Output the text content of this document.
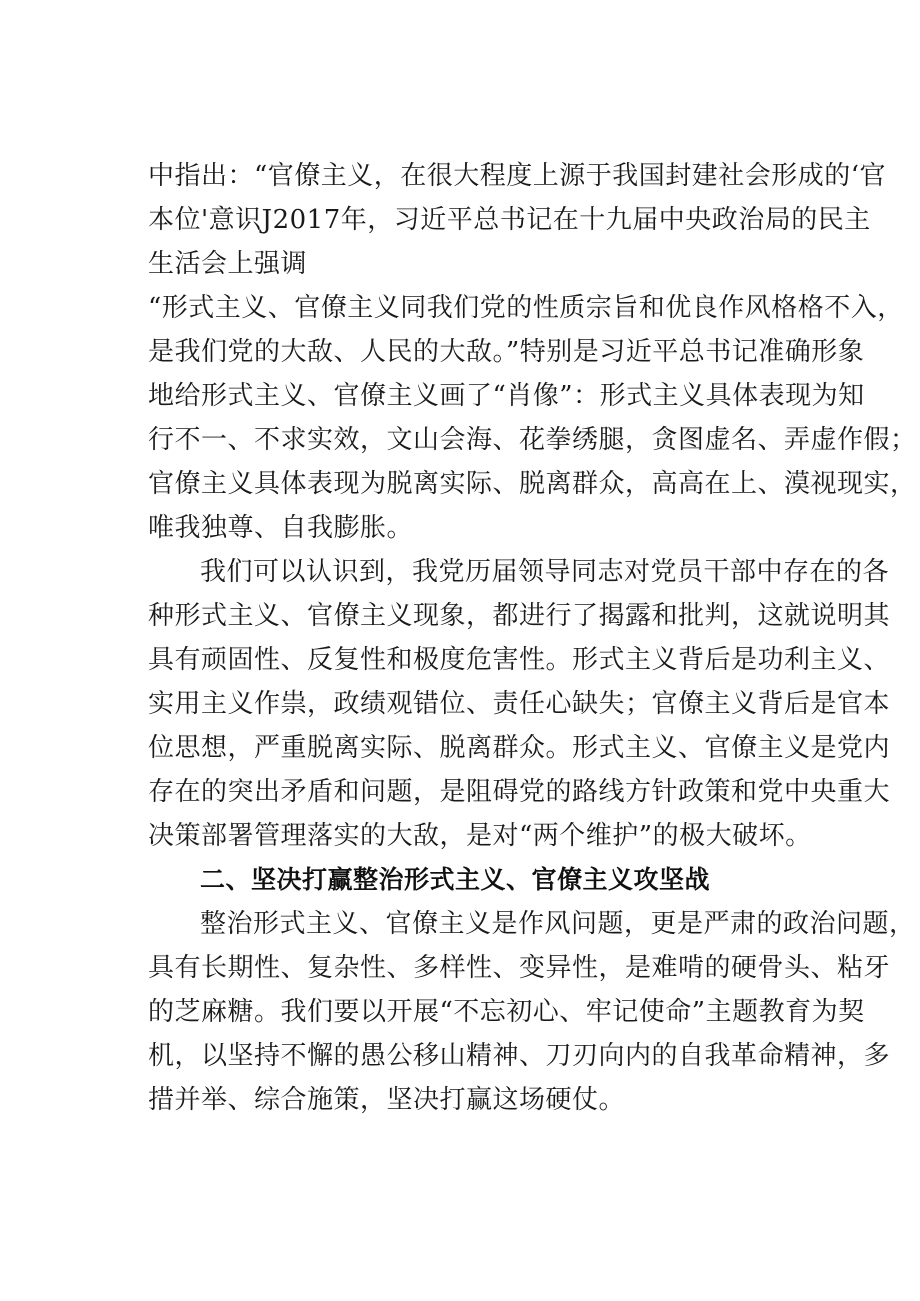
中指出：“官僚主义，在很大程度上源于我国封建社会形成的‘官
本位'意识J2017年，习近平总书记在十九届中央政治局的民主
生活会上强调
“形式主义、官僚主义同我们党的性质宗旨和优良作风格格不入，
是我们党的大敌、人民的大敌。”特别是习近平总书记准确形象
地给形式主义、官僚主义画了“肖像”：形式主义具体表现为知
行不一、不求实效，文山会海、花拳绣腿，贪图虚名、弄虚作假；
官僚主义具体表现为脱离实际、脱离群众，高高在上、漠视现实，
唯我独尊、自我膨胀。
我们可以认识到，我党历届领导同志对党员干部中存在的各
种形式主义、官僚主义现象，都进行了揭露和批判，这就说明其
具有顽固性、反复性和极度危害性。形式主义背后是功利主义、
实用主义作祟，政绩观错位、责任心缺失；官僚主义背后是官本
位思想，严重脱离实际、脱离群众。形式主义、官僚主义是党内
存在的突出矛盾和问题，是阻碍党的路线方针政策和党中央重大
决策部署管理落实的大敌，是对“两个维护”的极大破坏。
二、坚决打赢整治形式主义、官僚主义攻坚战
整治形式主义、官僚主义是作风问题，更是严肃的政治问题，
具有长期性、复杂性、多样性、变异性，是难啃的硬骨头、粘牙
的芝麻糖。我们要以开展“不忘初心、牢记使命”主题教育为契
机，以坚持不懈的愚公移山精神、刀刃向内的自我革命精神，多
措并举、综合施策，坚决打赢这场硬仗。
